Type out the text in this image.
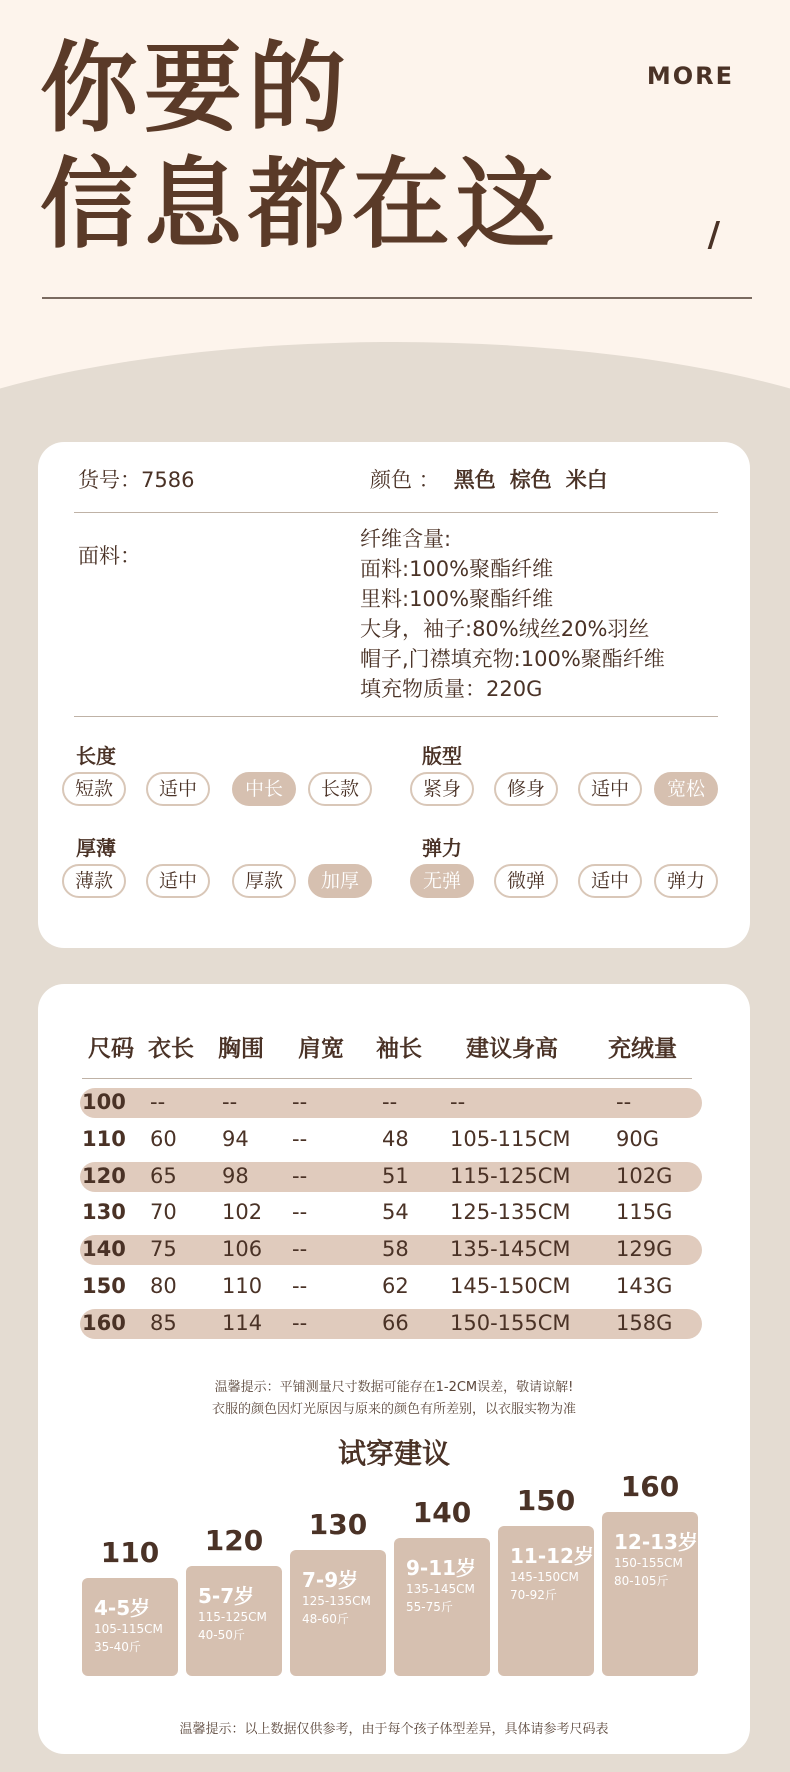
你要的
信息都在这
MORE
/
货号：7586	颜色 ： 黑色 棕色 米白
面料：
纤维含量:
面料:100%聚酯纤维
里料:100%聚酯纤维
大身，袖子:80%绒丝20%羽丝
帽子,门襟填充物:100%聚酯纤维
填充物质量：220G
长度
短款	适中	中长	长款
版型
紧身	修身	适中	宽松
厚薄
薄款	适中	厚款	加厚
弹力
无弹	微弹	适中	弹力
尺码 衣长 胸围 肩宽 袖长 建议身高 充绒量
100 --	--	--	--	--	--
110 60 94 --	48 105-115CM 90G
120 65 98 --	51 115-125CM 102G
130 70 102 --	54 125-135CM 115G
140 75 106 --	58 135-145CM 129G
150 80 110 --	62 145-150CM 143G
160 85 114 --	66 150-155CM 158G
温馨提示：平铺测量尺寸数据可能存在1-2CM误差，敬请谅解!
衣服的颜色因灯光原因与原来的颜色有所差别，以衣服实物为准
试穿建议
4-5岁
105-115CM
35-40斤
110
5-7岁
115-125CM
40-50斤
120
7-9岁
125-135CM
48-60斤
130
9-11岁
135-145CM
55-75斤
140
11-12岁
145-150CM
70-92斤
150
12-13岁
150-155CM
80-105斤
160
温馨提示：以上数据仅供参考，由于每个孩子体型差异，具体请参考尺码表
